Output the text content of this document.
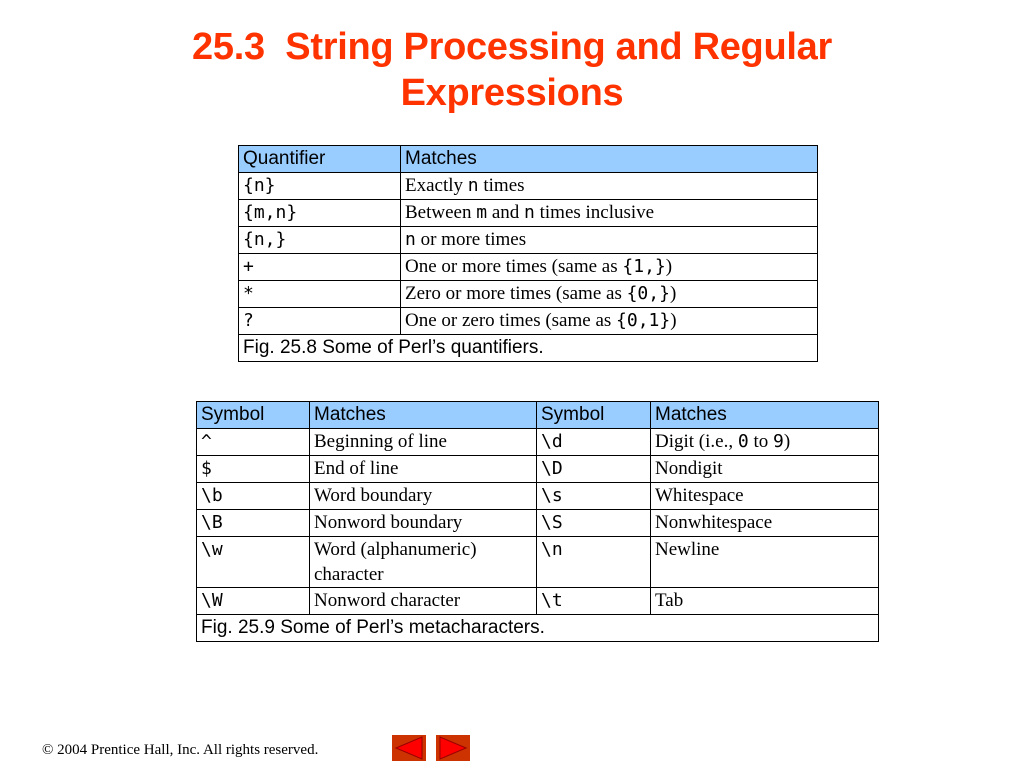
25.3  String Processing and Regular
Expressions
Quantifier	Matches
{n}	Exactly n times
{m,n}	Between m and n times inclusive
{n,}	n or more times
+	One or more times (same as {1,})
*	Zero or more times (same as {0,})
?	One or zero times (same as {0,1})
Fig. 25.8 Some of Perl’s quantifiers.	
Symbol	Matches	Symbol	Matches
^	Beginning of line	\d	Digit (i.e., 0 to 9)
$	End of line	\D	Nondigit
\b	Word boundary	\s	Whitespace
\B	Nonword boundary	\S	Nonwhitespace
\w	Word (alphanumeric) character	\n	Newline
\W	Nonword character	\t	Tab
Fig. 25.9 Some of Perl’s metacharacters.			
© 2004 Prentice Hall, Inc. All rights reserved.
